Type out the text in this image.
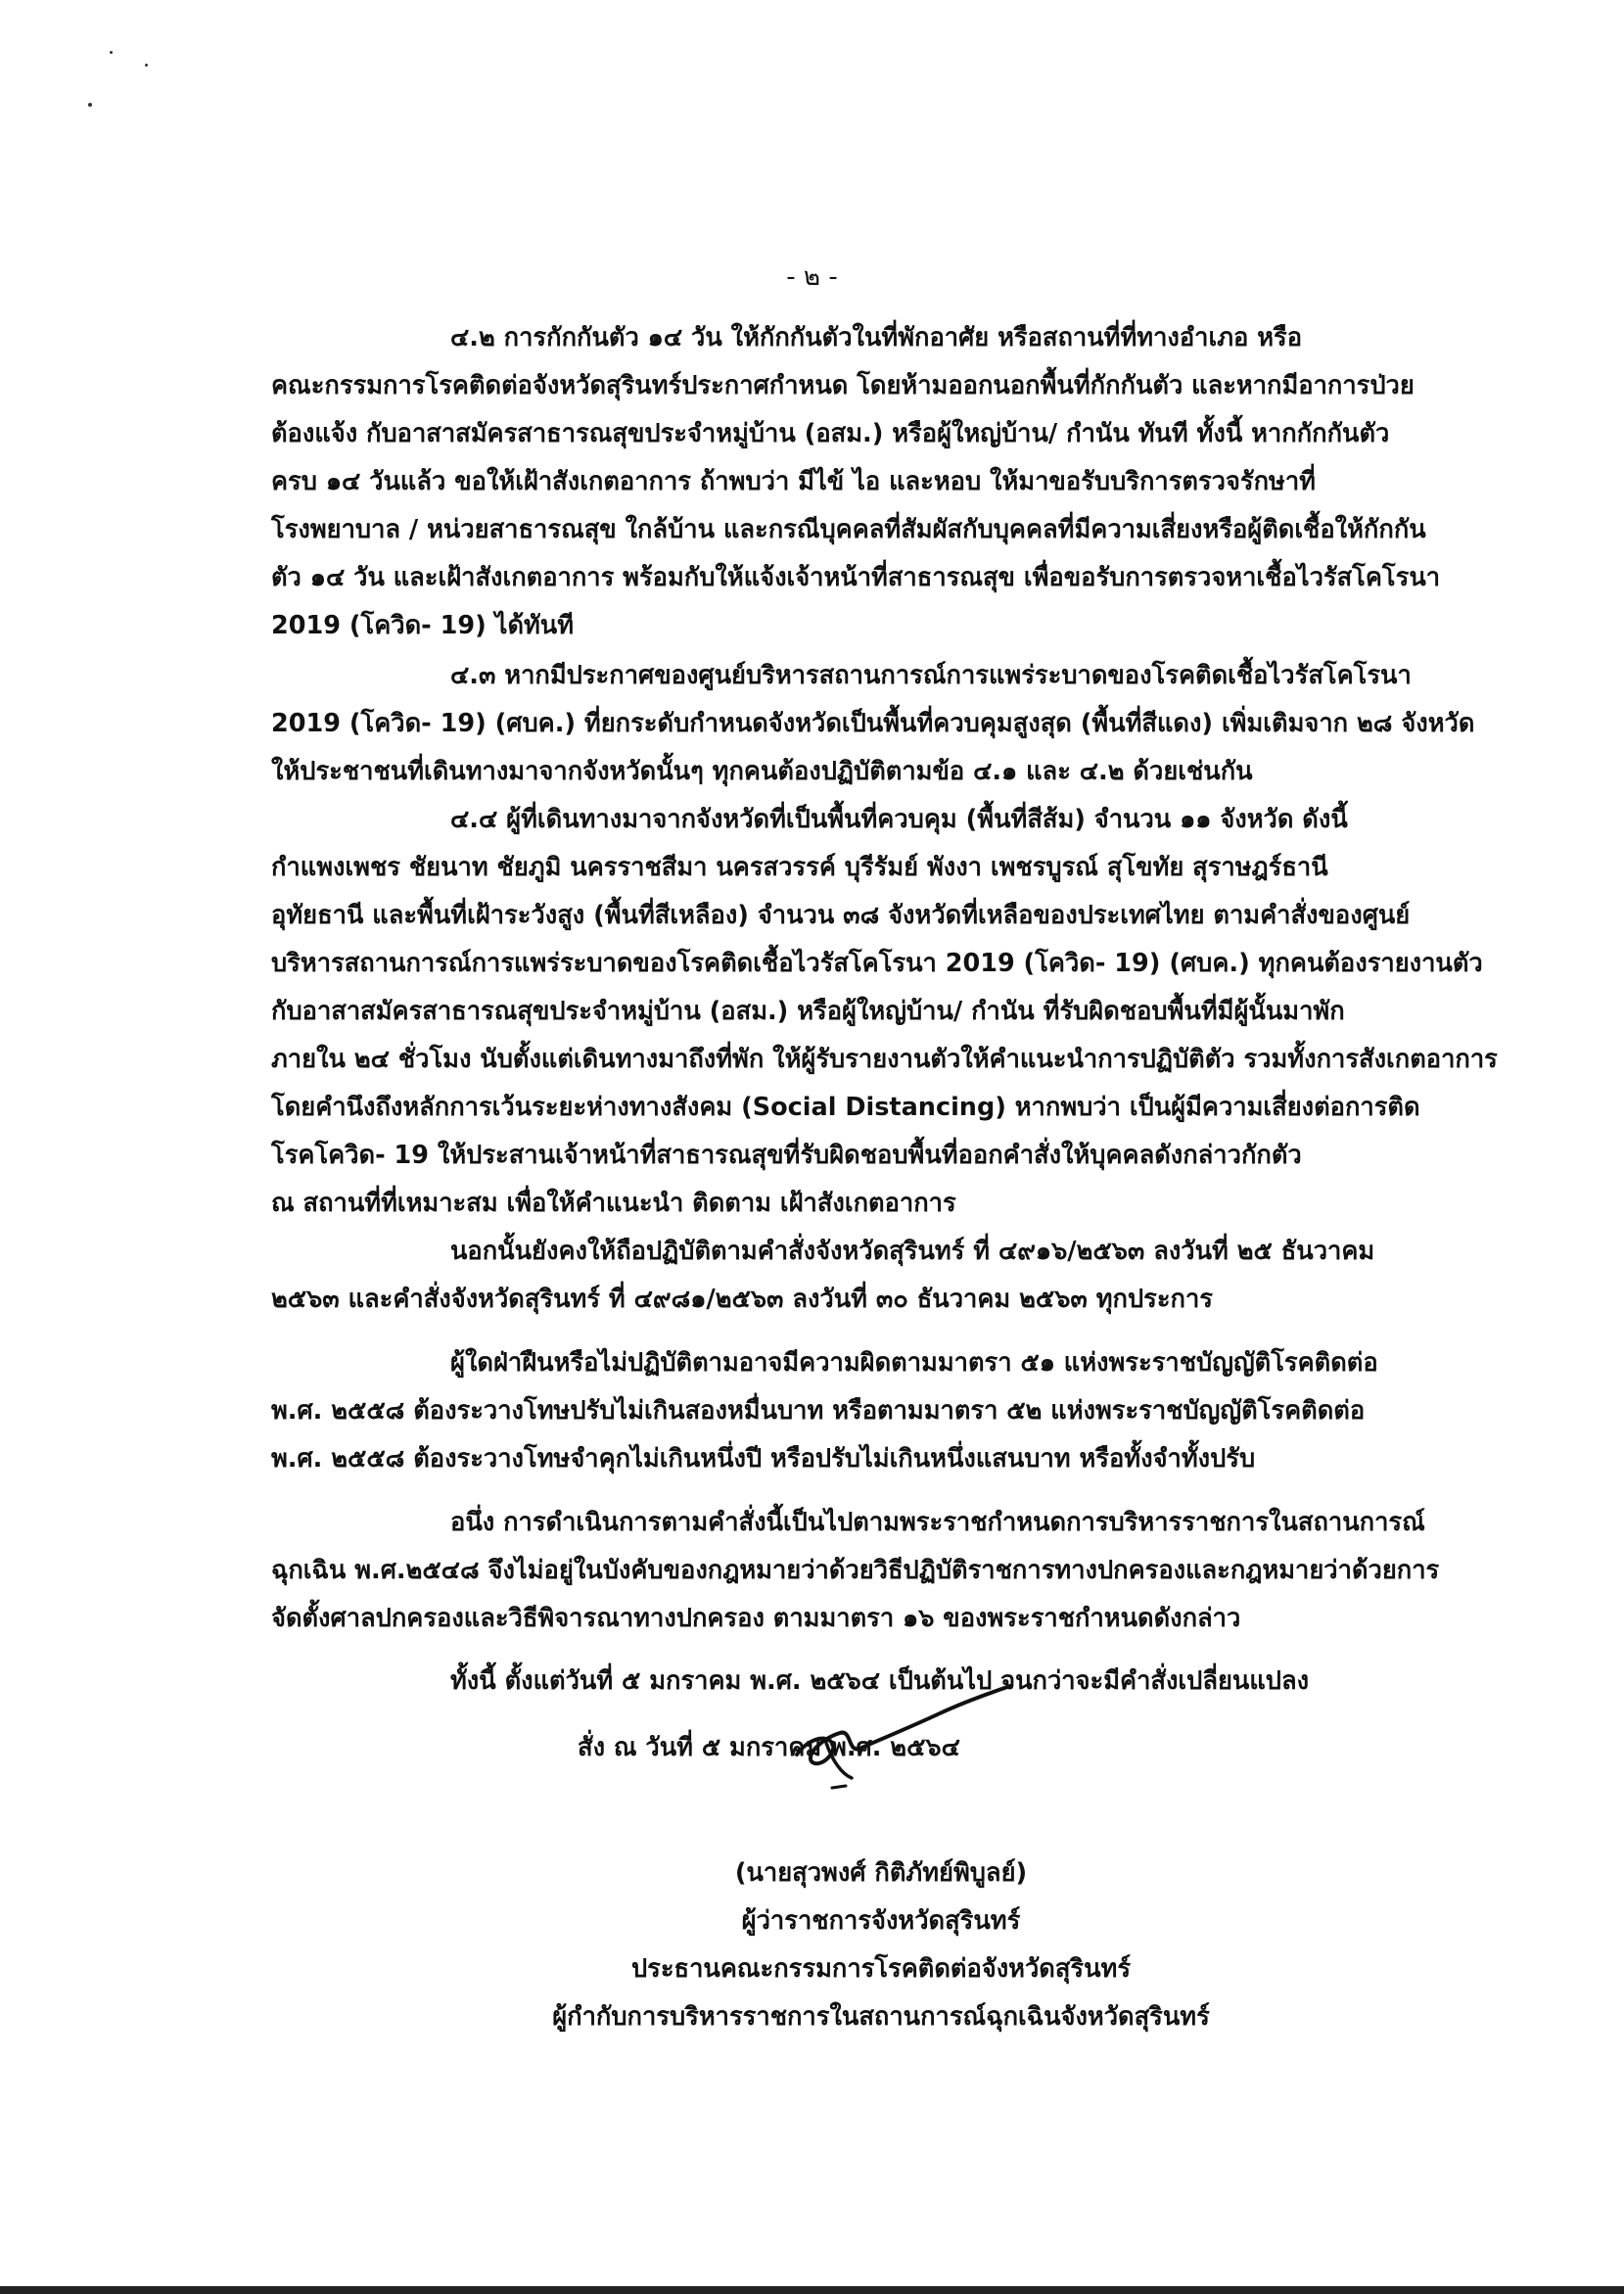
- ๒ -
๔.๒ การกักกันตัว ๑๔ วัน ให้กักกันตัวในที่พักอาศัย หรือสถานที่ที่ทางอำเภอ หรือ
คณะกรรมการโรคติดต่อจังหวัดสุรินทร์ประกาศกำหนด โดยห้ามออกนอกพื้นที่กักกันตัว และหากมีอาการป่วย
ต้องแจ้ง กับอาสาสมัครสาธารณสุขประจำหมู่บ้าน (อสม.) หรือผู้ใหญ่บ้าน/ กำนัน ทันที ทั้งนี้ หากกักกันตัว
ครบ ๑๔ วันแล้ว ขอให้เฝ้าสังเกตอาการ ถ้าพบว่า มีไข้ ไอ และหอบ ให้มาขอรับบริการตรวจรักษาที่
โรงพยาบาล / หน่วยสาธารณสุข ใกล้บ้าน และกรณีบุคคลที่สัมผัสกับบุคคลที่มีความเสี่ยงหรือผู้ติดเชื้อให้กักกัน
ตัว ๑๔ วัน และเฝ้าสังเกตอาการ พร้อมกับให้แจ้งเจ้าหน้าที่สาธารณสุข เพื่อขอรับการตรวจหาเชื้อไวรัสโคโรนา
2019 (โควิด- 19) ได้ทันที
๔.๓ หากมีประกาศของศูนย์บริหารสถานการณ์การแพร่ระบาดของโรคติดเชื้อไวรัสโคโรนา
2019 (โควิด- 19) (ศบค.) ที่ยกระดับกำหนดจังหวัดเป็นพื้นที่ควบคุมสูงสุด (พื้นที่สีแดง) เพิ่มเติมจาก ๒๘ จังหวัด
ให้ประชาชนที่เดินทางมาจากจังหวัดนั้นๆ ทุกคนต้องปฏิบัติตามข้อ ๔.๑ และ ๔.๒ ด้วยเช่นกัน
๔.๔ ผู้ที่เดินทางมาจากจังหวัดที่เป็นพื้นที่ควบคุม (พื้นที่สีส้ม) จำนวน ๑๑ จังหวัด ดังนี้
กำแพงเพชร ชัยนาท ชัยภูมิ นครราชสีมา นครสวรรค์ บุรีรัมย์ พังงา เพชรบูรณ์ สุโขทัย สุราษฎร์ธานี
อุทัยธานี และพื้นที่เฝ้าระวังสูง (พื้นที่สีเหลือง) จำนวน ๓๘ จังหวัดที่เหลือของประเทศไทย ตามคำสั่งของศูนย์
บริหารสถานการณ์การแพร่ระบาดของโรคติดเชื้อไวรัสโคโรนา 2019 (โควิด- 19) (ศบค.) ทุกคนต้องรายงานตัว
กับอาสาสมัครสาธารณสุขประจำหมู่บ้าน (อสม.) หรือผู้ใหญ่บ้าน/ กำนัน ที่รับผิดชอบพื้นที่มีผู้นั้นมาพัก
ภายใน ๒๔ ชั่วโมง นับตั้งแต่เดินทางมาถึงที่พัก ให้ผู้รับรายงานตัวให้คำแนะนำการปฏิบัติตัว รวมทั้งการสังเกตอาการ
โดยคำนึงถึงหลักการเว้นระยะห่างทางสังคม (Social Distancing) หากพบว่า เป็นผู้มีความเสี่ยงต่อการติด
โรคโควิด- 19 ให้ประสานเจ้าหน้าที่สาธารณสุขที่รับผิดชอบพื้นที่ออกคำสั่งให้บุคคลดังกล่าวกักตัว
ณ สถานที่ที่เหมาะสม เพื่อให้คำแนะนำ ติดตาม เฝ้าสังเกตอาการ
นอกนั้นยังคงให้ถือปฏิบัติตามคำสั่งจังหวัดสุรินทร์ ที่ ๔๙๑๖/๒๕๖๓ ลงวันที่ ๒๕ ธันวาคม
๒๕๖๓ และคำสั่งจังหวัดสุรินทร์ ที่ ๔๙๘๑/๒๕๖๓ ลงวันที่ ๓๐ ธันวาคม ๒๕๖๓ ทุกประการ
ผู้ใดฝ่าฝืนหรือไม่ปฏิบัติตามอาจมีความผิดตามมาตรา ๕๑ แห่งพระราชบัญญัติโรคติดต่อ
พ.ศ. ๒๕๕๘ ต้องระวางโทษปรับไม่เกินสองหมื่นบาท หรือตามมาตรา ๕๒ แห่งพระราชบัญญัติโรคติดต่อ
พ.ศ. ๒๕๕๘ ต้องระวางโทษจำคุกไม่เกินหนึ่งปี หรือปรับไม่เกินหนึ่งแสนบาท หรือทั้งจำทั้งปรับ
อนึ่ง การดำเนินการตามคำสั่งนี้เป็นไปตามพระราชกำหนดการบริหารราชการในสถานการณ์
ฉุกเฉิน พ.ศ.๒๕๔๘ จึงไม่อยู่ในบังคับของกฎหมายว่าด้วยวิธีปฏิบัติราชการทางปกครองและกฎหมายว่าด้วยการ
จัดตั้งศาลปกครองและวิธีพิจารณาทางปกครอง ตามมาตรา ๑๖ ของพระราชกำหนดดังกล่าว
ทั้งนี้ ตั้งแต่วันที่ ๕ มกราคม พ.ศ. ๒๕๖๔ เป็นต้นไป จนกว่าจะมีคำสั่งเปลี่ยนแปลง
สั่ง ณ วันที่ ๕ มกราคม พ.ศ. ๒๕๖๔
(นายสุวพงศ์ กิติภัทย์พิบูลย์)
ผู้ว่าราชการจังหวัดสุรินทร์
ประธานคณะกรรมการโรคติดต่อจังหวัดสุรินทร์
ผู้กำกับการบริหารราชการในสถานการณ์ฉุกเฉินจังหวัดสุรินทร์
